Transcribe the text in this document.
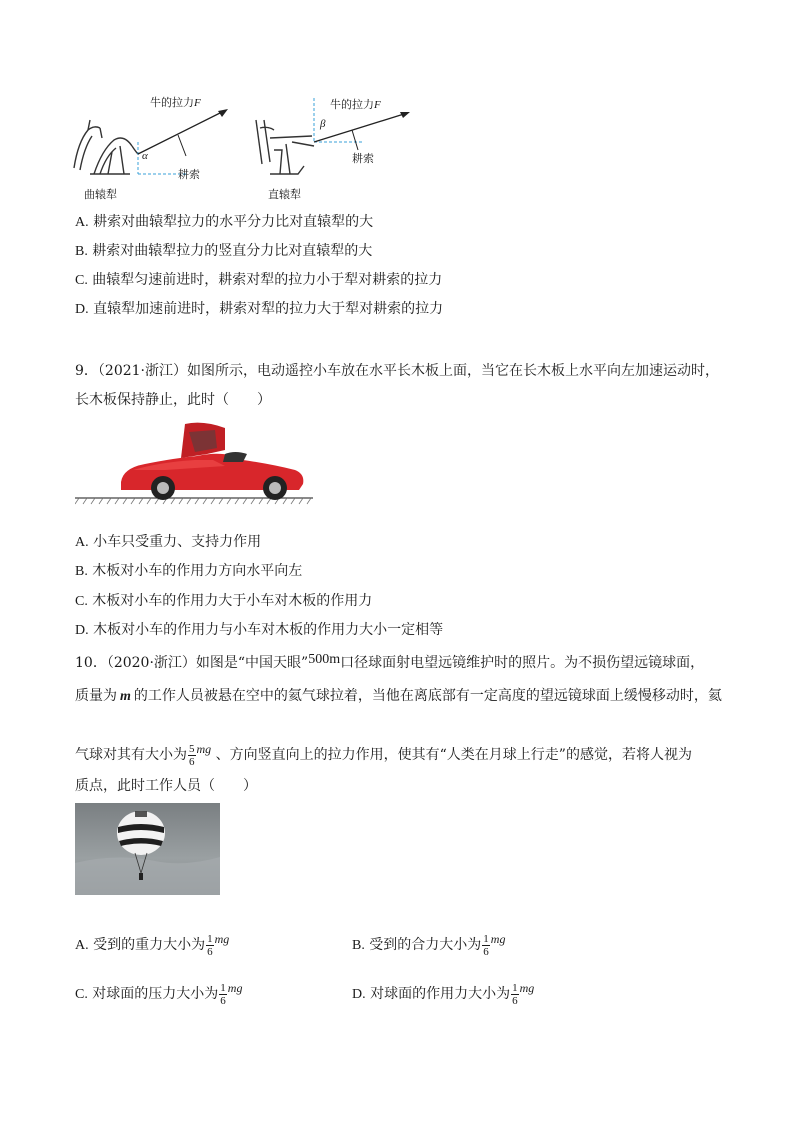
牛的拉力F
α
耕索
曲辕犁
牛的拉力F
β
耕索
直辕犁
A. 耕索对曲辕犁拉力的水平分力比对直辕犁的大
B. 耕索对曲辕犁拉力的竖直分力比对直辕犁的大
C. 曲辕犁匀速前进时，耕索对犁的拉力小于犁对耕索的拉力
D. 直辕犁加速前进时，耕索对犁的拉力大于犁对耕索的拉力
9．（2021·浙江）如图所示，电动遥控小车放在水平长木板上面，当它在长木板上水平向左加速运动时，
长木板保持静止，此时（　　）
A. 小车只受重力、支持力作用
B. 木板对小车的作用力方向水平向左
C. 木板对小车的作用力大于小车对木板的作用力
D. 木板对小车的作用力与小车对木板的作用力大小一定相等
10．（2020·浙江）如图是“中国天眼”500m口径球面射电望远镜维护时的照片。为不损伤望远镜球面，
质量为 m 的工作人员被悬在空中的氦气球拉着，当他在离底部有一定高度的望远镜球面上缓慢移动时，氦
气球对其有大小为 $\frac{5}{6}$ mg 、方向竖直向上的拉力作用，使其有“人类在月球上行走”的感觉，若将人视为
质点，此时工作人员（　　）
A. 受到的重力大小为 $\frac{1}{6}$ mg	B. 受到的合力大小为 $\frac{1}{6}$ mg
C. 对球面的压力大小为 $\frac{1}{6}$ mg	D. 对球面的作用力大小为 $\frac{1}{6}$ mg
